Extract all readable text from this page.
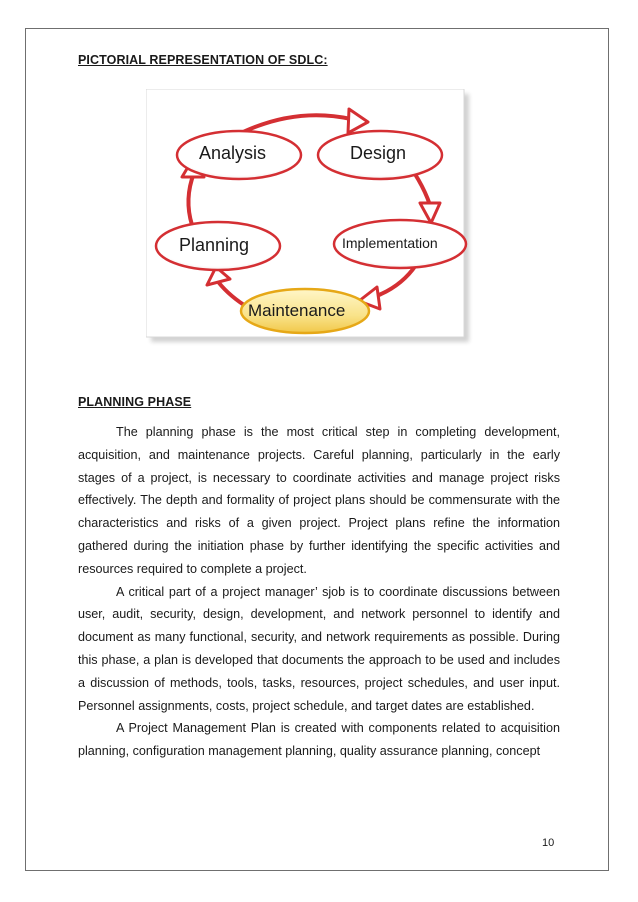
PICTORIAL REPRESENTATION OF SDLC:
Analysis	Design
Implementation
Maintenance
Planning
PLANNING PHASE

The planning phase is the most critical step in completing development, acquisition, and maintenance projects. Careful planning, particularly in the early stages of a project, is necessary to coordinate activities and manage project risks effectively. The depth and formality of project plans should be commensurate with the characteristics and risks of a given project. Project plans refine the information gathered during the initiation phase by further identifying the specific activities and resources required to complete a project.

A critical part of a project manager’ sjob is to coordinate discussions between user, audit, security, design, development, and network personnel to identify and document as many functional, security, and network requirements as possible. During this phase, a plan is developed that documents the approach to be used and includes a discussion of methods, tools, tasks, resources, project schedules, and user input. Personnel assignments, costs, project schedule, and target dates are established.

A Project Management Plan is created with components related to acquisition planning, configuration management planning, quality assurance planning, concept

10
